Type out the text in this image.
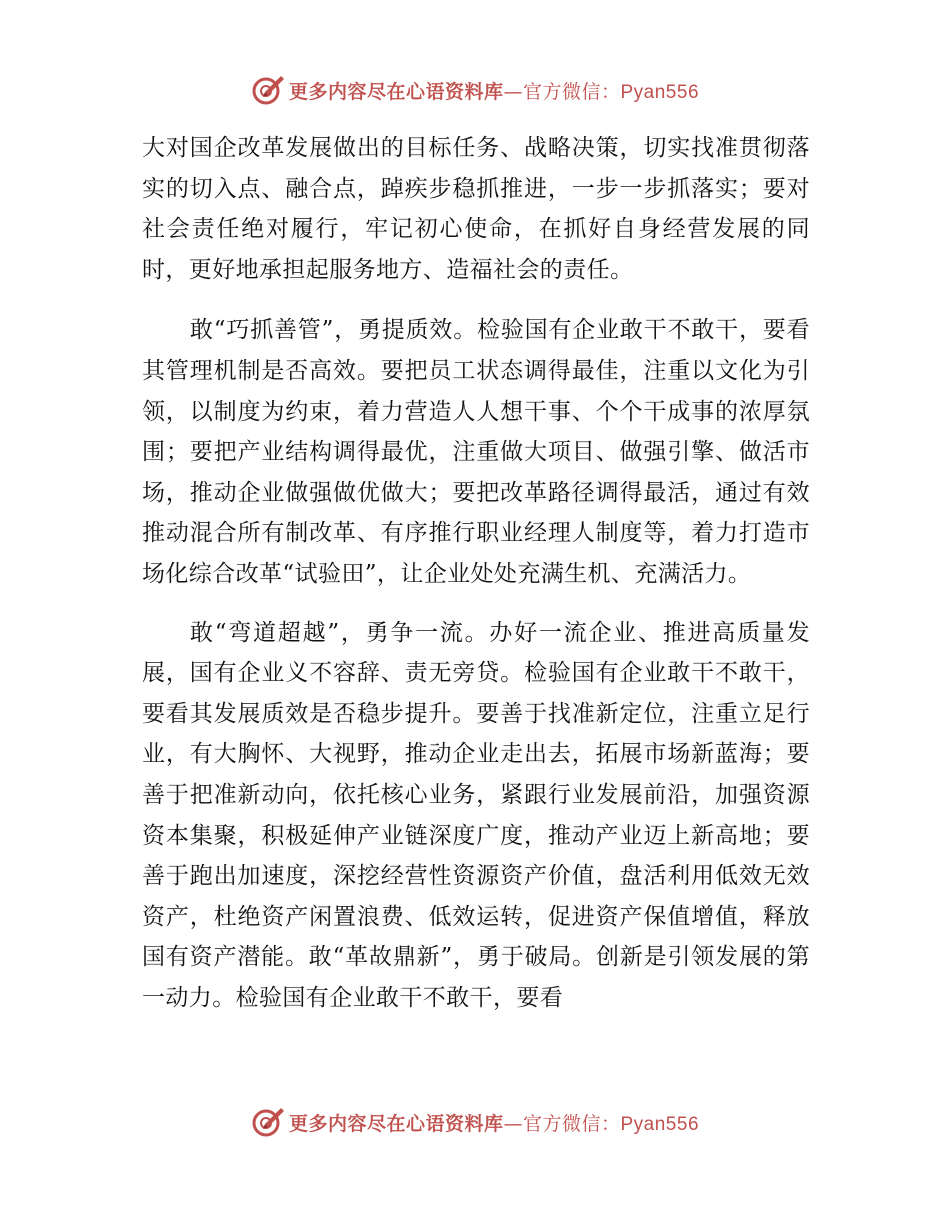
更多内容尽在心语资料库—官方微信：Pyan556

大对国企改革发展做出的目标任务、战略决策，切实找准贯彻落实的切入点、融合点，踔疾步稳抓推进，一步一步抓落实；要对社会责任绝对履行，牢记初心使命，在抓好自身经营发展的同时，更好地承担起服务地方、造福社会的责任。

敢“巧抓善管”，勇提质效。检验国有企业敢干不敢干，要看其管理机制是否高效。要把员工状态调得最佳，注重以文化为引领，以制度为约束，着力营造人人想干事、个个干成事的浓厚氛围；要把产业结构调得最优，注重做大项目、做强引擎、做活市场，推动企业做强做优做大；要把改革路径调得最活，通过有效推动混合所有制改革、有序推行职业经理人制度等，着力打造市场化综合改革“试验田”，让企业处处充满生机、充满活力。

敢“弯道超越”，勇争一流。办好一流企业、推进高质量发展，国有企业义不容辞、责无旁贷。检验国有企业敢干不敢干，要看其发展质效是否稳步提升。要善于找准新定位，注重立足行业，有大胸怀、大视野，推动企业走出去，拓展市场新蓝海；要善于把准新动向，依托核心业务，紧跟行业发展前沿，加强资源资本集聚，积极延伸产业链深度广度，推动产业迈上新高地；要善于跑出加速度，深挖经营性资源资产价值，盘活利用低效无效资产，杜绝资产闲置浪费、低效运转，促进资产保值增值，释放国有资产潜能。敢“革故鼎新”，勇于破局。创新是引领发展的第一动力。检验国有企业敢干不敢干，要看

更多内容尽在心语资料库—官方微信：Pyan556
